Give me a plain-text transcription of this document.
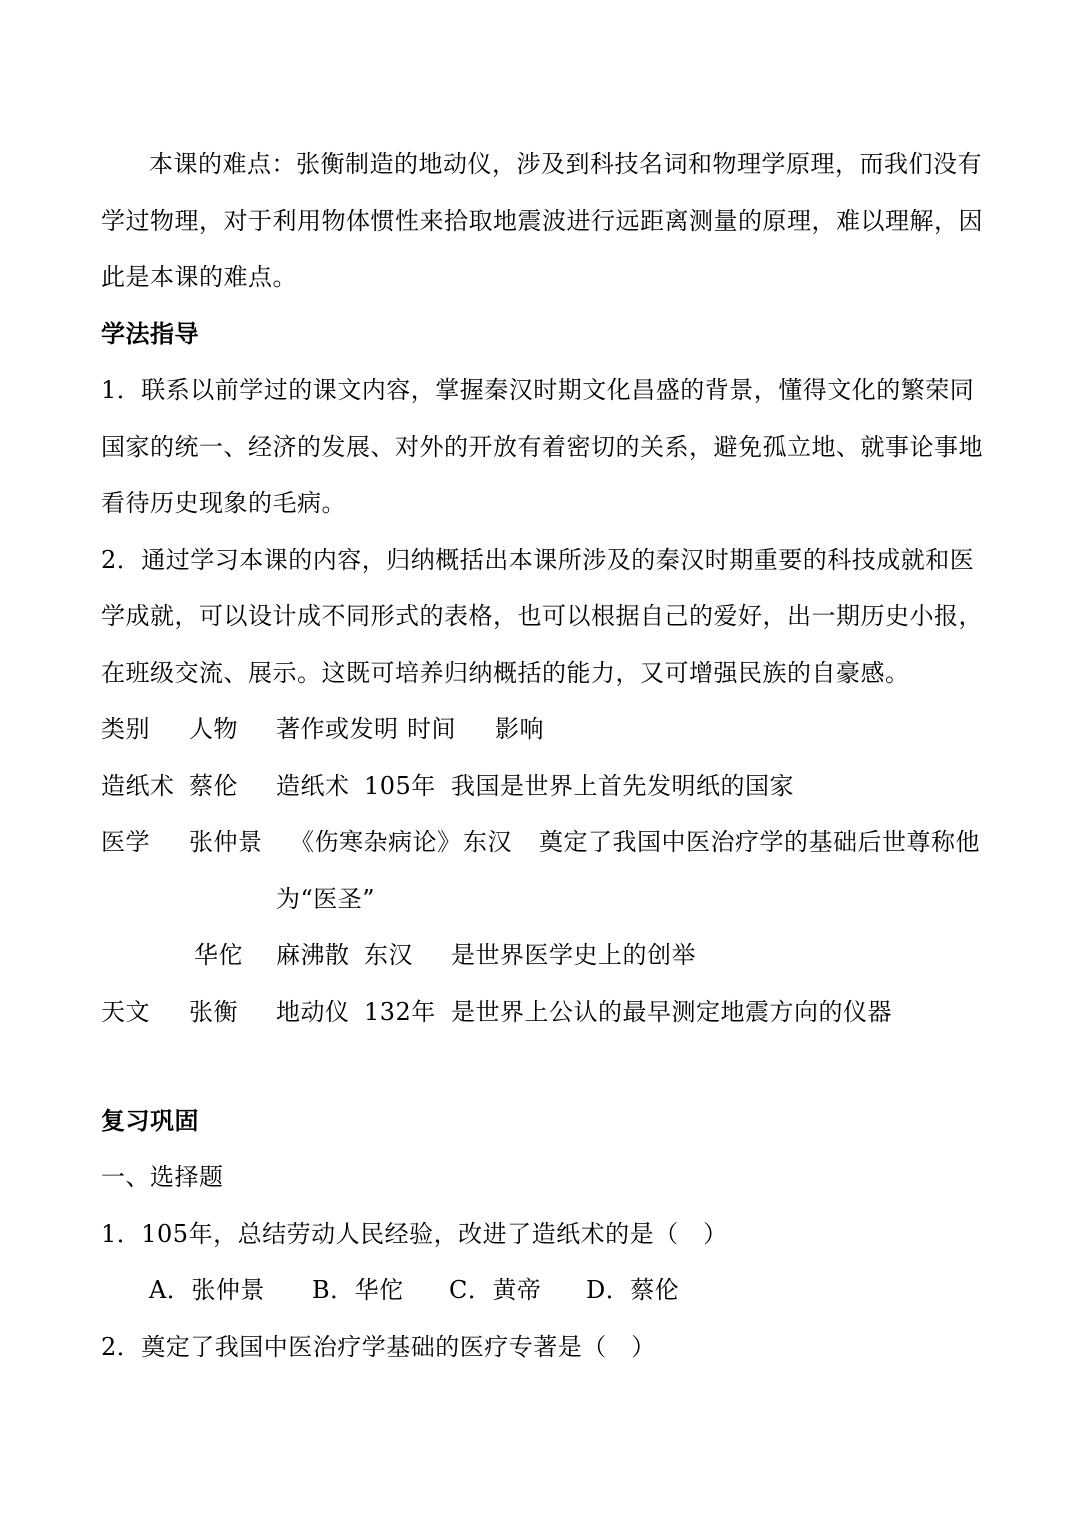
本课的难点：张衡制造的地动仪，涉及到科技名词和物理学原理，而我们没有
学过物理，对于利用物体惯性来拾取地震波进行远距离测量的原理，难以理解，因
此是本课的难点。
学法指导
1．联系以前学过的课文内容，掌握秦汉时期文化昌盛的背景，懂得文化的繁荣同
国家的统一、经济的发展、对外的开放有着密切的关系，避免孤立地、就事论事地
看待历史现象的毛病。
2．通过学习本课的内容，归纳概括出本课所涉及的秦汉时期重要的科技成就和医
学成就，可以设计成不同形式的表格，也可以根据自己的爱好，出一期历史小报，
在班级交流、展示。这既可培养归纳概括的能力，又可增强民族的自豪感。
类别 人物 著作或发明 时间 影响
造纸术 蔡伦 造纸术 105年 我国是世界上首先发明纸的国家
医学 张仲景 《伤寒杂病论》 东汉 奠定了我国中医治疗学的基础后世尊称他
为“医圣”
华佗 麻沸散 东汉 是世界医学史上的创举
天文 张衡 地动仪 132年 是世界上公认的最早测定地震方向的仪器
复习巩固
一、选择题
1．105年，总结劳动人民经验，改进了造纸术的是（　）
A．张仲景 B．华佗 C．黄帝 D．蔡伦
2．奠定了我国中医治疗学基础的医疗专著是（　）
